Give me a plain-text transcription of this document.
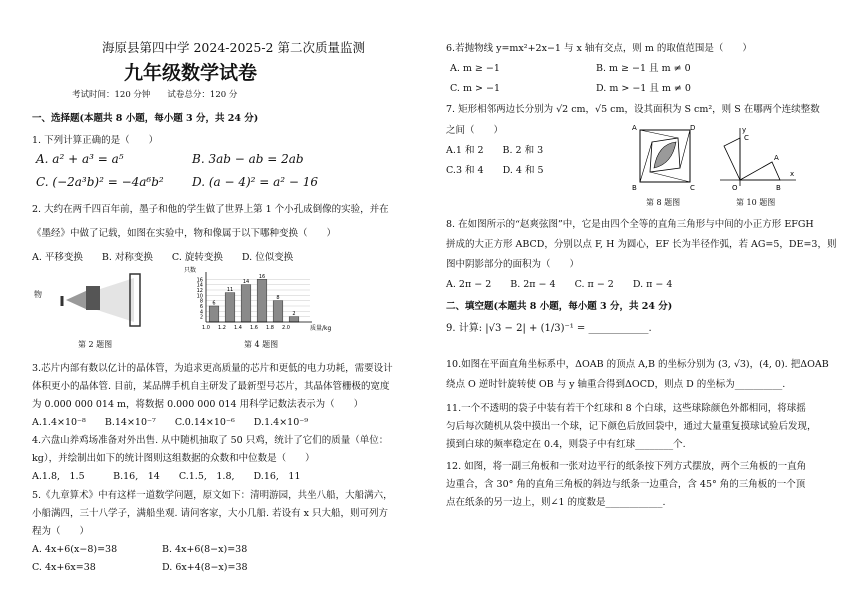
海原县第四中学 2024-2025-2 第二次质量监测
九年级数学试卷
考试时间：120 分钟　　试卷总分：120 分
一、选择题(本题共 8 小题，每小题 3 分，共 24 分)
1. 下列计算正确的是（　　）
A. a² + a³ = a⁵	B. 3ab − ab = 2ab
C. (−2a³b)² = −4a⁶b² D. (a − 4)² = a² − 16
2. 大约在两千四百年前，墨子和他的学生做了世界上第 1 个小孔成倒像的实验，并在
《墨经》中做了记载，如图在实验中，物和像属于以下哪种变换（　　）
A. 平移变换　　B. 对称变换　　C. 旋转变换　　D. 位似变换
物
第 2 题图
6
11
14
16
8
2
2
4
6
8
10
12
14
16
1.0 1.2 1.4 1.6 1.8 2.0
只数
质量/kg
第 4 题图
3.芯片内部有数以亿计的晶体管，为追求更高质量的芯片和更低的电力功耗，需要设计
体积更小的晶体管. 目前，某品牌手机自主研发了最新型号芯片，其晶体管栅极的宽度
为 0.000 000 014 m，将数据 0.000 000 014 用科学记数法表示为（　　）
A.1.4×10⁻⁸　　B.14×10⁻⁷　　C.0.14×10⁻⁶　　D.1.4×10⁻⁹
4.六盘山养鸡场准备对外出售. 从中随机抽取了 50 只鸡，统计了它们的质量（单位：
kg），并绘制出如下的统计图则这组数据的众数和中位数是（　　）
A.1.8,　1.5　　　B.16,　14　　C.1.5,　1.8,　　D.16,　11
5.《九章算术》中有这样一道数学问题，原文如下：清明游园，共坐八船，大船满六，
小船满四，三十八学子，满船坐观. 请问客家，大小几船. 若设有 x 只大船，则可列方
程为（　　）
A. 4x+6(x−8)=38	B. 4x+6(8−x)=38
C. 4x+6x=38	D. 6x+4(8−x)=38
6.若抛物线 y=mx²+2x−1 与 x 轴有交点，则 m 的取值范围是（　　）
A. m ≥ −1	B. m ≥ −1 且 m ≠ 0
C. m > −1	D. m > −1 且 m ≠ 0
7. 矩形相邻两边长分别为 √2 cm，√5 cm，设其面积为 S cm²，则 S 在哪两个连续整数
之间（　　）
A.1 和 2　　B. 2 和 3
C.3 和 4　　D. 4 和 5
A	D
B	C
第 8 题图
y
x
O	B
A
C
第 10 题图
8. 在如图所示的“赵爽弦图”中，它是由四个全等的直角三角形与中间的小正方形 EFGH
拼成的大正方形 ABCD，分别以点 F, H 为圆心，EF 长为半径作弧，若 AG=5，DE=3，则
图中阴影部分的面积为（　　）
A. 2π − 2　　B. 2π − 4　　C. π − 2　　D. π − 4
二、填空题(本题共 8 小题，每小题 3 分，共 24 分)
9. 计算: |√3 − 2| + (1/3)⁻¹ = ____________.
10.如图在平面直角坐标系中，ΔOAB 的顶点 A,B 的坐标分别为 (3, √3)，(4, 0). 把ΔOAB
绕点 O 逆时针旋转使 OB 与 y 轴重合得到ΔOCD，则点 D 的坐标为__________.
11.一个不透明的袋子中装有若干个红球和 8 个白球，这些球除颜色外都相同，将球摇
匀后每次随机从袋中摸出一个球，记下颜色后放回袋中，通过大量重复摸球试验后发现，
摸到白球的频率稳定在 0.4，则袋子中有红球________个.
12. 如图，将一副三角板和一张对边平行的纸条按下列方式摆放，两个三角板的一直角
边重合，含 30° 角的直角三角板的斜边与纸条一边重合，含 45° 角的三角板的一个顶
点在纸条的另一边上，则∠1 的度数是____________.
